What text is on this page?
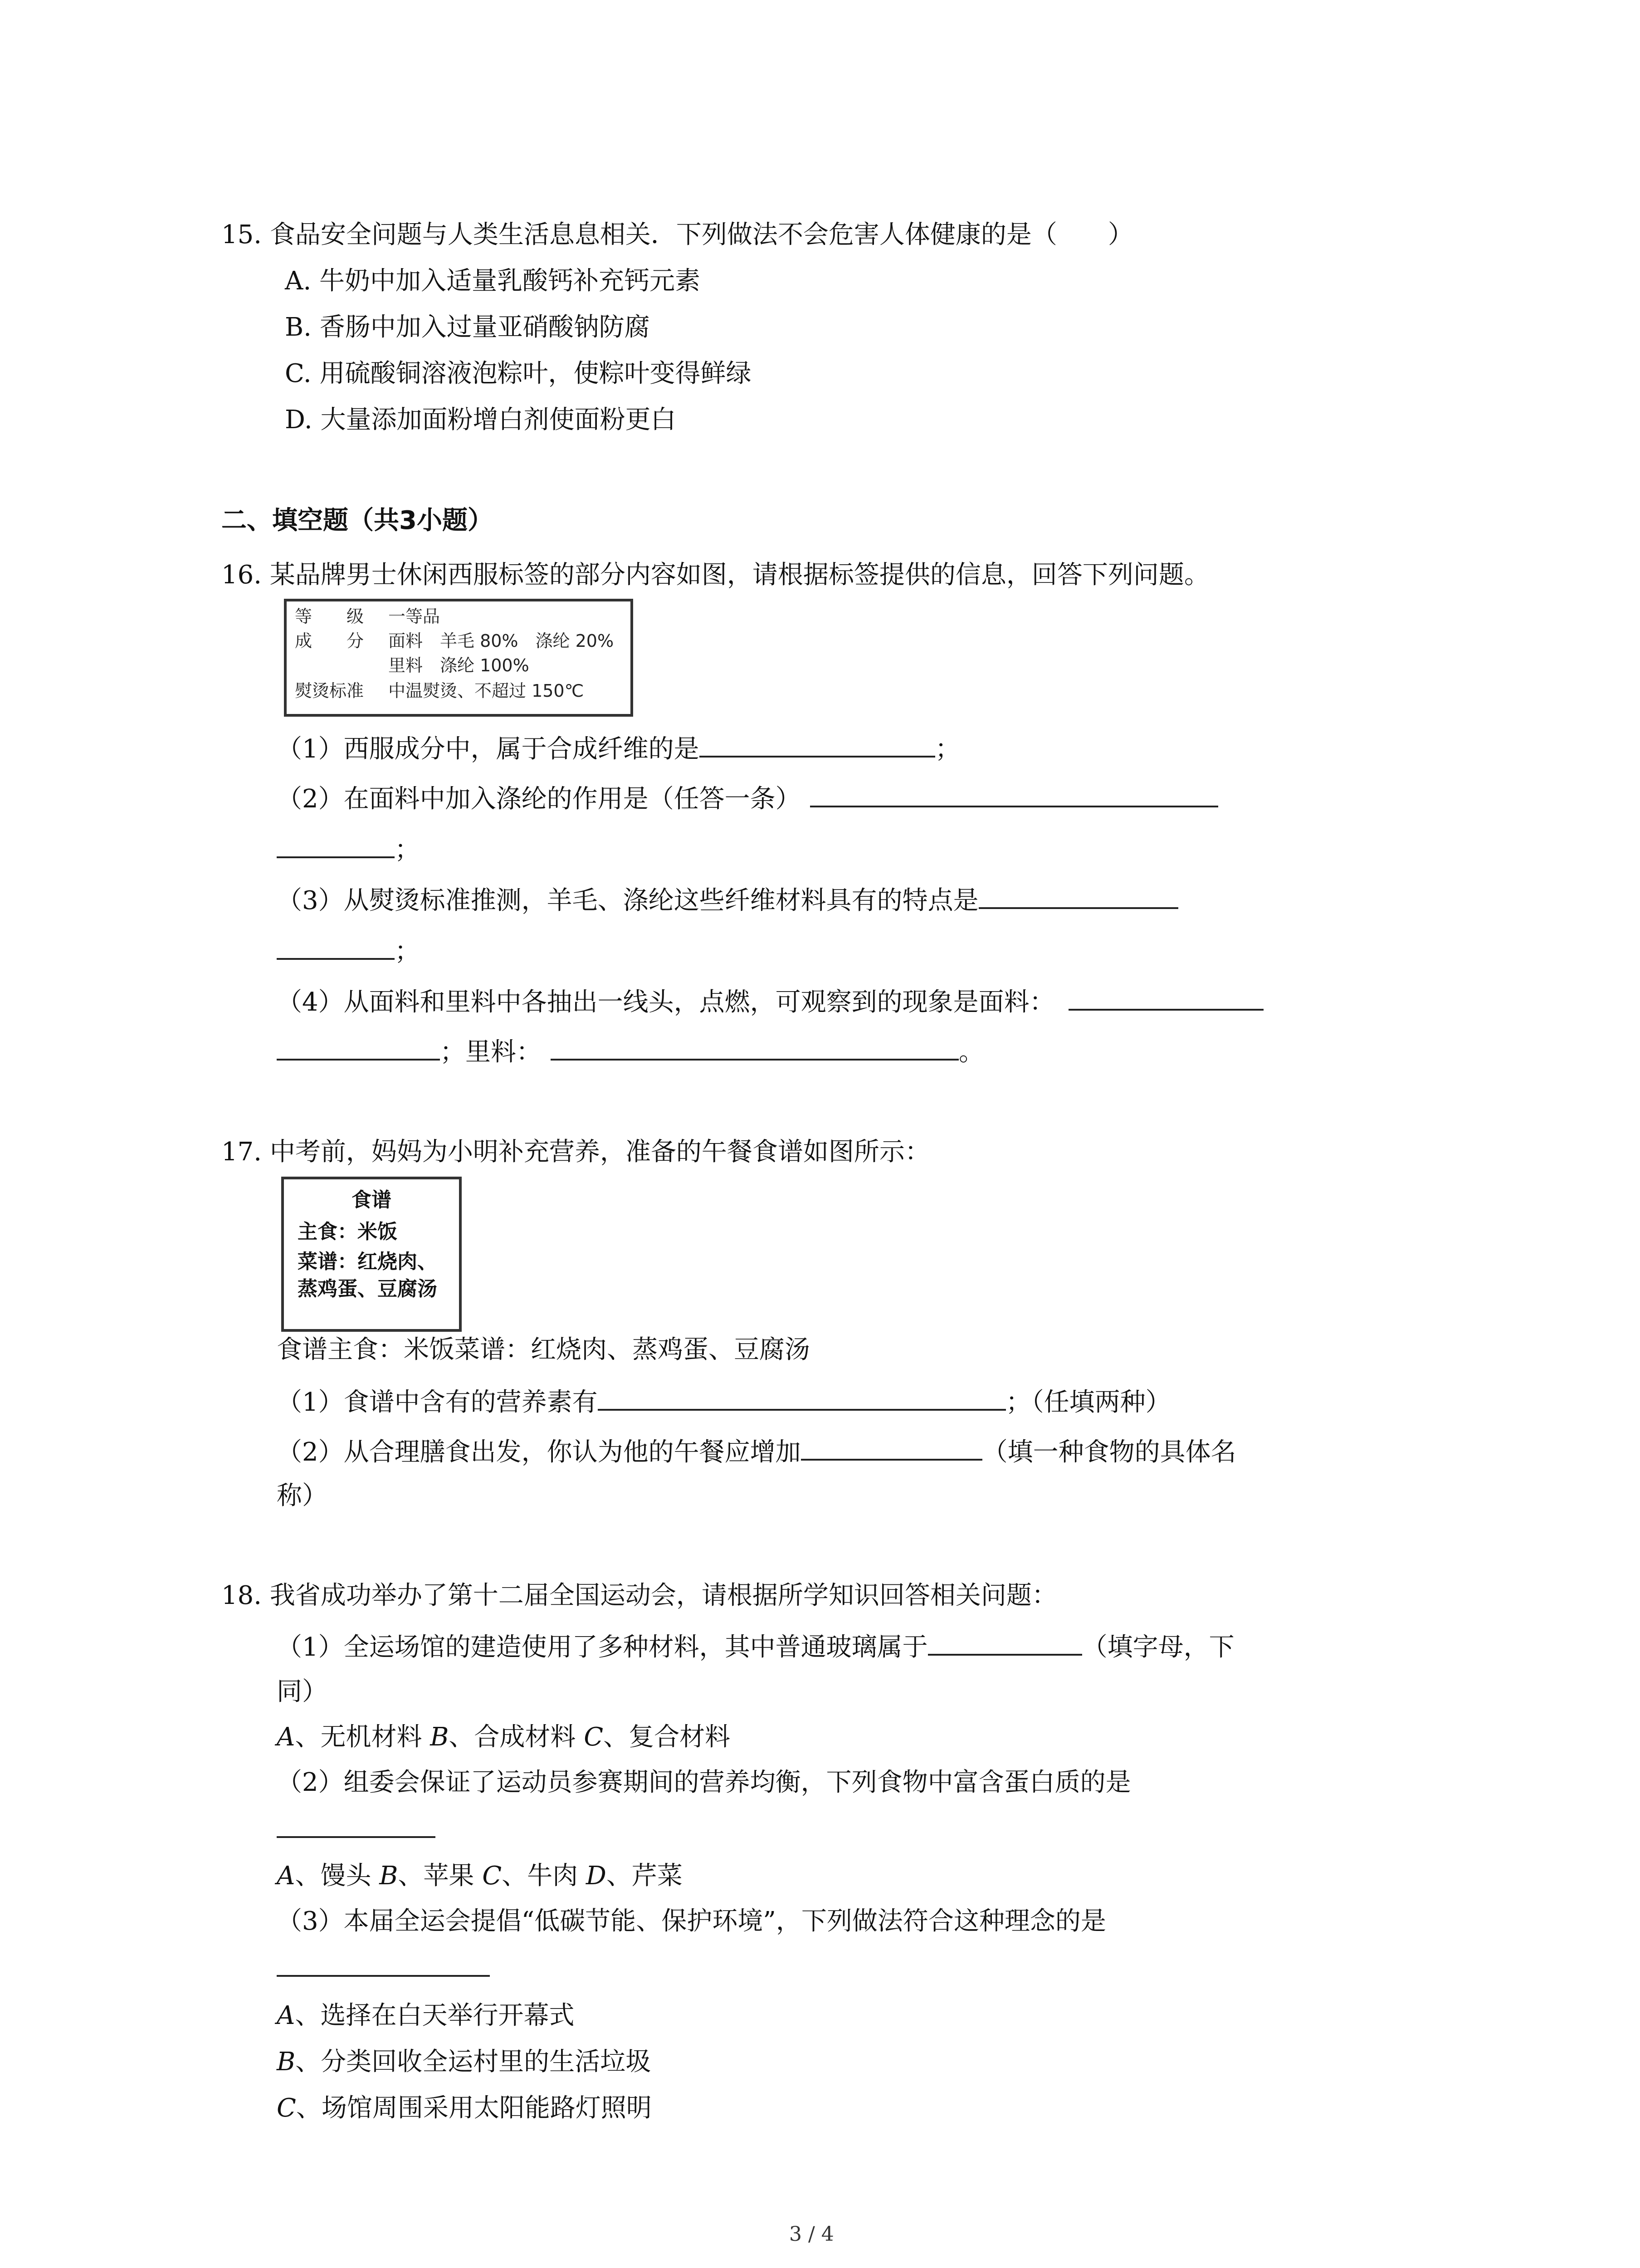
15. 食品安全问题与人类生活息息相关．下列做法不会危害人体健康的是（　　）
A. 牛奶中加入适量乳酸钙补充钙元素
B. 香肠中加入过量亚硝酸钠防腐
C. 用硫酸铜溶液泡粽叶，使粽叶变得鲜绿
D. 大量添加面粉增白剂使面粉更白
二、填空题（共3小题）
16. 某品牌男士休闲西服标签的部分内容如图，请根据标签提供的信息，回答下列问题。
等　　级 一等品
成　　分 面料　羊毛 80%　涤纶 20%
里料　涤纶 100%
熨烫标准 中温熨烫、不超过 150℃
（1）西服成分中，属于合成纤维的是	；
（2）在面料中加入涤纶的作用是（任答一条）
；
（3）从熨烫标准推测，羊毛、涤纶这些纤维材料具有的特点是
；
（4）从面料和里料中各抽出一线头，点燃，可观察到的现象是面料：
；里料：	。
17. 中考前，妈妈为小明补充营养，准备的午餐食谱如图所示：
食谱
主食：米饭
菜谱：红烧肉、
蒸鸡蛋、豆腐汤
食谱主食：米饭菜谱：红烧肉、蒸鸡蛋、豆腐汤
（1）食谱中含有的营养素有	；（任填两种）
（2）从合理膳食出发，你认为他的午餐应增加	（填一种食物的具体名
称）
18. 我省成功举办了第十二届全国运动会，请根据所学知识回答相关问题：
（1）全运场馆的建造使用了多种材料，其中普通玻璃属于	（填字母，下
同）
A、无机材料 B、合成材料 C、复合材料
（2）组委会保证了运动员参赛期间的营养均衡，下列食物中富含蛋白质的是
A、馒头 B、苹果 C、牛肉 D、芹菜
（3）本届全运会提倡“低碳节能、保护环境”，下列做法符合这种理念的是
A、选择在白天举行开幕式
B、分类回收全运村里的生活垃圾
C、场馆周围采用太阳能路灯照明
3 / 4
